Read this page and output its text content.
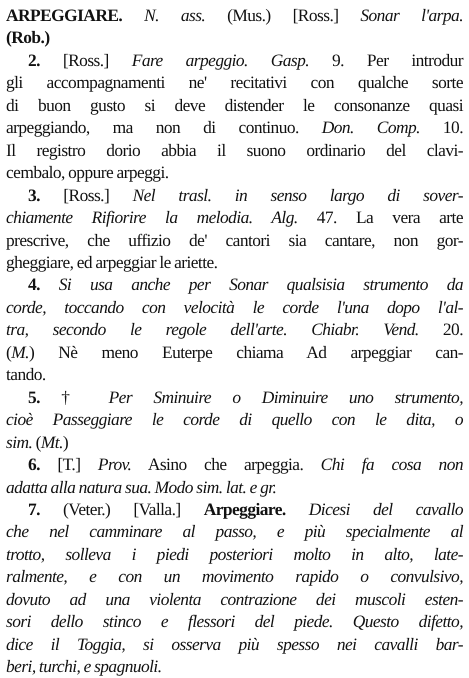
ARPEGGIARE. N. ass. (Mus.) [Ross.] Sonar l'arpa.
(Rob.)
2. [Ross.] Fare arpeggio. Gasp. 9. Per introdur
gli accompagnamenti ne' recitativi con qualche sorte
di buon gusto si deve distender le consonanze quasi
arpeggiando, ma non di continuo. Don. Comp. 10.
Il registro dorio abbia il suono ordinario del clavi-
cembalo, oppure arpeggi.
3. [Ross.] Nel trasl. in senso largo di sover-
chiamente Rifiorire la melodia. Alg. 47. La vera arte
prescrive, che uffizio de' cantori sia cantare, non gor-
gheggiare, ed arpeggiar le ariette.
4. Si usa anche per Sonar qualsisia strumento da
corde, toccando con velocità le corde l'una dopo l'al-
tra, secondo le regole dell'arte. Chiabr. Vend. 20.
(M.) Nè meno Euterpe chiama Ad arpeggiar can-
tando.
5. † Per Sminuire o Diminuire uno strumento,
cioè Passeggiare le corde di quello con le dita, o
sim. (Mt.)
6. [T.] Prov. Asino che arpeggia. Chi fa cosa non
adatta alla natura sua. Modo sim. lat. e gr.
7. (Veter.) [Valla.] Arpeggiare. Dicesi del cavallo
che nel camminare al passo, e più specialmente al
trotto, solleva i piedi posteriori molto in alto, late-
ralmente, e con un movimento rapido o convulsivo,
dovuto ad una violenta contrazione dei muscoli esten-
sori dello stinco e flessori del piede. Questo difetto,
dice il Toggia, si osserva più spesso nei cavalli bar-
beri, turchi, e spagnuoli.
